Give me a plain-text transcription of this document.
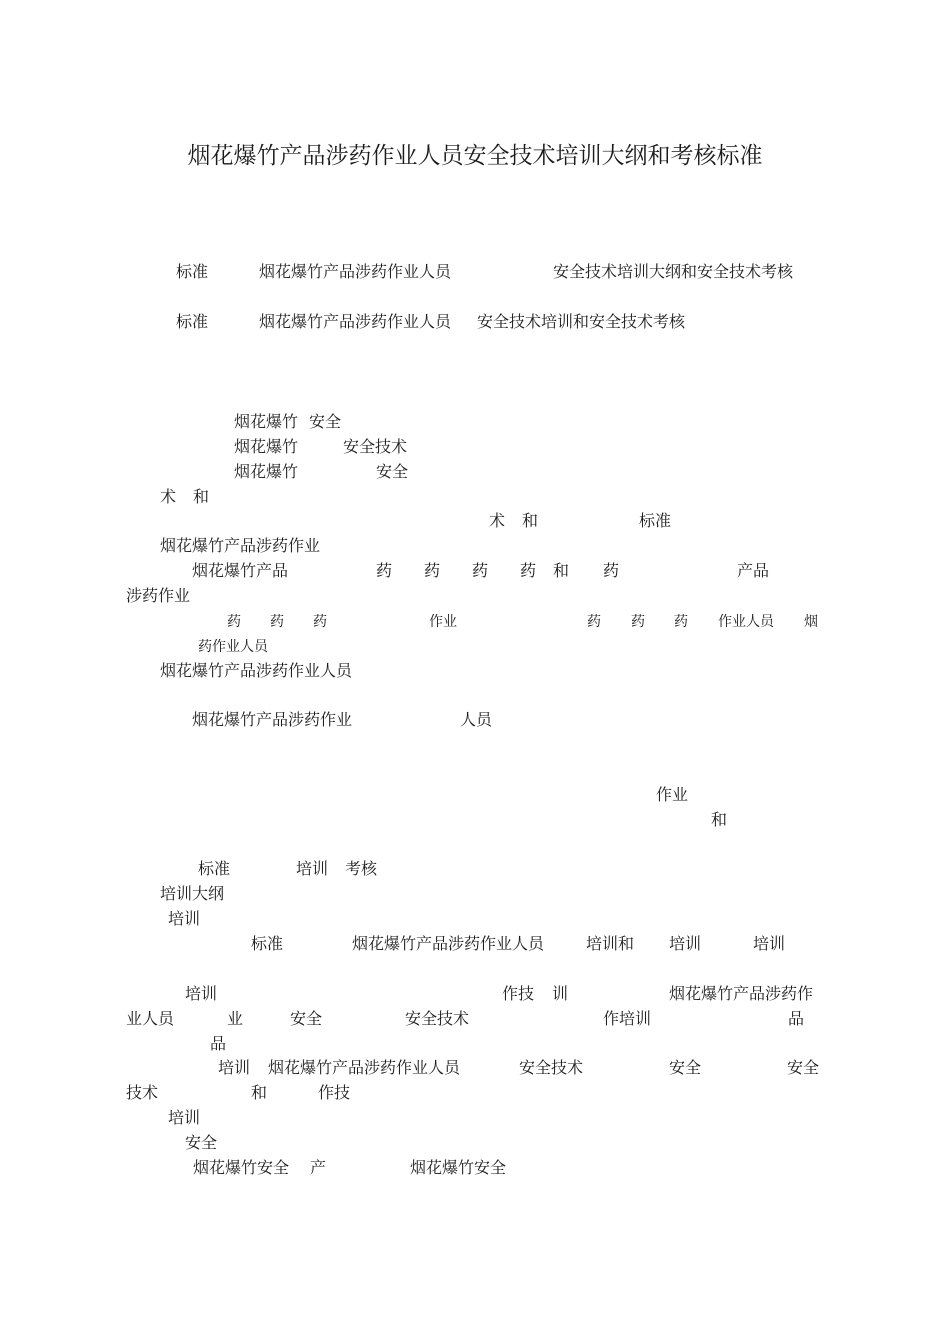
烟花爆竹产品涉药作业人员安全技术培训大纲和考核标准
标准	烟花爆竹产品涉药作业人员	安全技术培训大纲和安全技术考核
标准	烟花爆竹产品涉药作业人员 安全技术培训和安全技术考核
烟花爆竹 安全
烟花爆竹	安全技术
烟花爆竹	安全
术 和
术 和	标准
烟花爆竹产品涉药作业
烟花爆竹产品	药 药 药 药 和 药	产品
涉药作业
药 药 药	作业	药 药 药 作业人员 烟
药作业人员
烟花爆竹产品涉药作业人员
烟花爆竹产品涉药作业	人员
作业
和
标准	培训 考核
培训大纲
培训
标准	烟花爆竹产品涉药作业人员	培训和 培训	培训
培训	作技 训	烟花爆竹产品涉药作
业人员	业	安全	安全技术	作培训	品
品
培训 烟花爆竹产品涉药作业人员	安全技术	安全	安全
技术	和	作技
培训
安全
烟花爆竹安全 产	烟花爆竹安全
